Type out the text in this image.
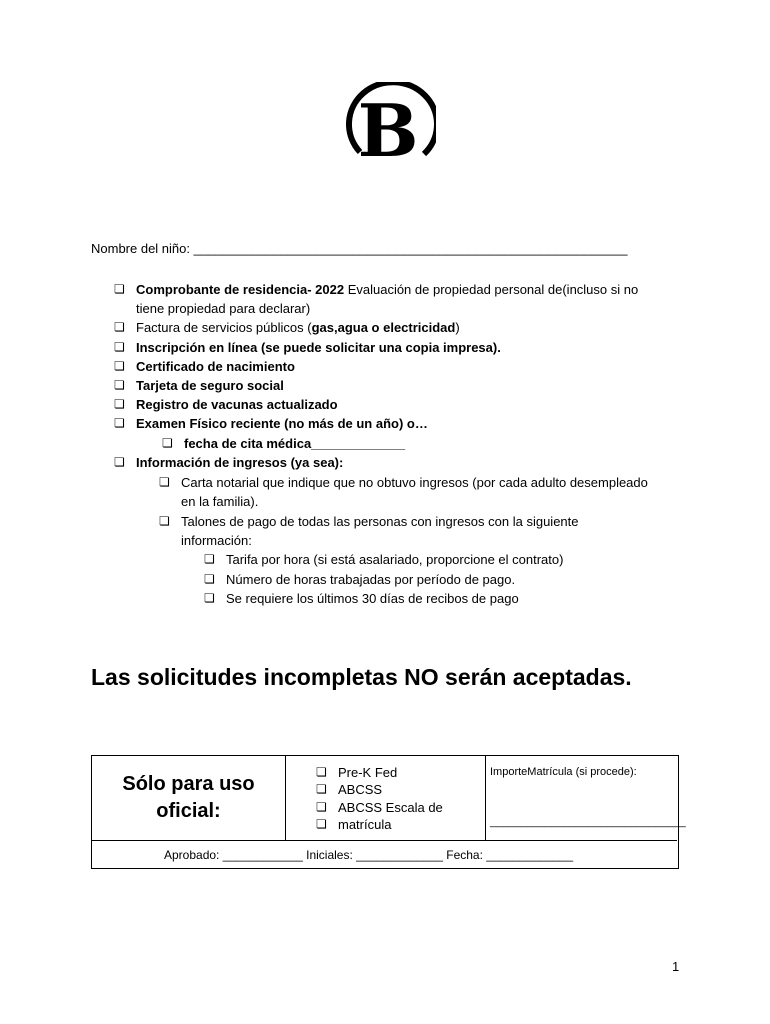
B
Nombre del niño: ____________________________________________________________
❏ Comprobante de residencia- 2022 Evaluación de propiedad personal de(incluso si no
tiene propiedad para declarar)
❏ Factura de servicios públicos (gas,agua o electricidad)
❏ Inscripción en línea (se puede solicitar una copia impresa).
❏ Certificado de nacimiento
❏ Tarjeta de seguro social
❏ Registro de vacunas actualizado
❏ Examen Físico reciente (no más de un año) o…
❏ fecha de cita médica_____________
❏ Información de ingresos (ya sea):
❏ Carta notarial que indique que no obtuvo ingresos (por cada adulto desempleado
en la familia).
❏ Talones de pago de todas las personas con ingresos con la siguiente
información:
❏ Tarifa por hora (si está asalariado, proporcione el contrato)
❏ Número de horas trabajadas por período de pago.
❏ Se requiere los últimos 30 días de recibos de pago
Las solicitudes incompletas NO serán aceptadas.
Sólo para uso oficial:
❏ Pre-K Fed
❏ ABCSS
❏ ABCSS Escala de
❏ matrícula
ImporteMatrícula (si procede):
________________________________
Aprobado: ____________ Iniciales: _____________ Fecha: _____________
1
